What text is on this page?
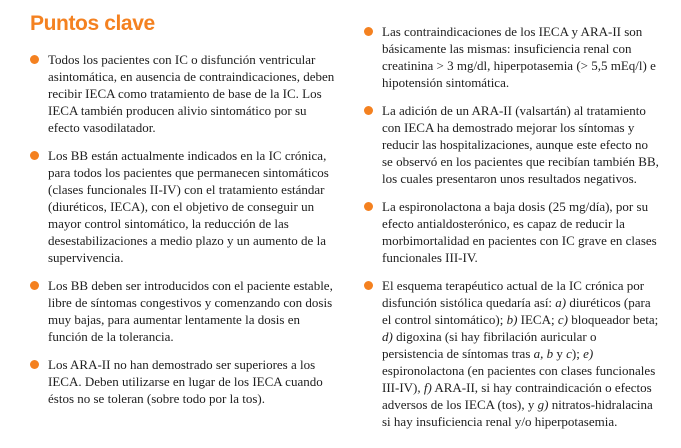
Puntos clave
Todos los pacientes con IC o disfunción ventricular asintomática, en ausencia de contraindicaciones, deben recibir IECA como tratamiento de base de la IC. Los IECA también producen alivio sintomático por su efecto vasodilatador.
Los BB están actualmente indicados en la IC crónica, para todos los pacientes que permanecen sintomáticos (clases funcionales II-IV) con el tratamiento estándar (diuréticos, IECA), con el objetivo de conseguir un mayor control sintomático, la reducción de las desestabilizaciones a medio plazo y un aumento de la supervivencia.
Los BB deben ser introducidos con el paciente estable, libre de síntomas congestivos y comenzando con dosis muy bajas, para aumentar lentamente la dosis en función de la tolerancia.
Los ARA-II no han demostrado ser superiores a los IECA. Deben utilizarse en lugar de los IECA cuando éstos no se toleran (sobre todo por la tos).
Las contraindicaciones de los IECA y ARA-II son básicamente las mismas: insuficiencia renal con creatinina > 3 mg/dl, hiperpotasemia (> 5,5 mEq/l) e hipotensión sintomática.
La adición de un ARA-II (valsartán) al tratamiento con IECA ha demostrado mejorar los síntomas y reducir las hospitalizaciones, aunque este efecto no se observó en los pacientes que recibían también BB, los cuales presentaron unos resultados negativos.
La espironolactona a baja dosis (25 mg/día), por su efecto antialdosterónico, es capaz de reducir la morbimortalidad en pacientes con IC grave en clases funcionales III-IV.
El esquema terapéutico actual de la IC crónica por disfunción sistólica quedaría así: a) diuréticos (para el control sintomático); b) IECA; c) bloqueador beta; d) digoxina (si hay fibrilación auricular o persistencia de síntomas tras a, b y c); e) espironolactona (en pacientes con clases funcionales III-IV), f) ARA-II, si hay contraindicación o efectos adversos de los IECA (tos), y g) nitratos-hidralacina si hay insuficiencia renal y/o hiperpotasemia.
